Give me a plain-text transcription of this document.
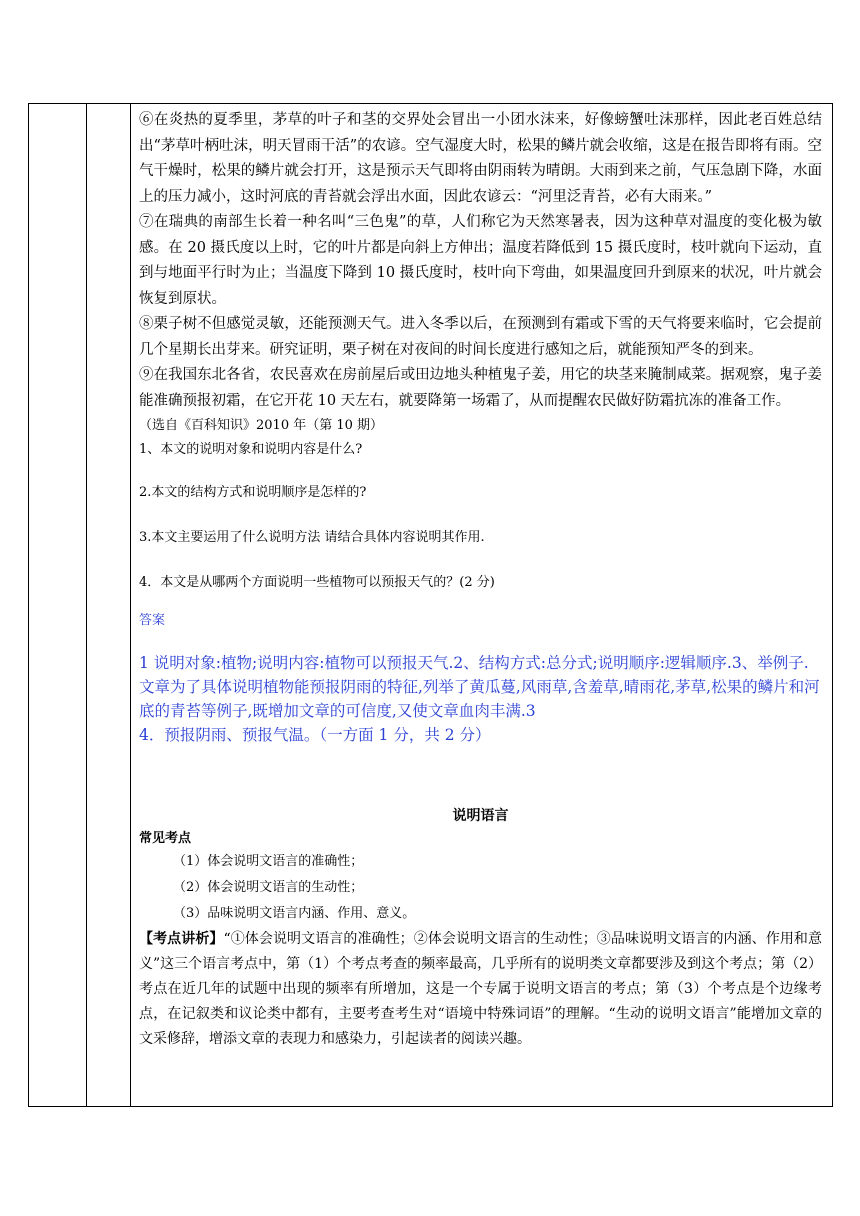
⑥在炎热的夏季里，茅草的叶子和茎的交界处会冒出一小团水沫来，好像螃蟹吐沫那样，因此老百姓总结出“茅草叶柄吐沫，明天冒雨干活”的农谚。空气湿度大时，松果的鳞片就会收缩，这是在报告即将有雨。空气干燥时，松果的鳞片就会打开，这是预示天气即将由阴雨转为晴朗。大雨到来之前，气压急剧下降，水面上的压力减小，这时河底的青苔就会浮出水面，因此农谚云：“河里泛青苔，必有大雨来。”

⑦在瑞典的南部生长着一种名叫“三色鬼”的草，人们称它为天然寒暑表，因为这种草对温度的变化极为敏感。在 20 摄氏度以上时，它的叶片都是向斜上方伸出；温度若降低到 15 摄氏度时，枝叶就向下运动，直到与地面平行时为止；当温度下降到 10 摄氏度时，枝叶向下弯曲，如果温度回升到原来的状况，叶片就会恢复到原状。

⑧栗子树不但感觉灵敏，还能预测天气。进入冬季以后，在预测到有霜或下雪的天气将要来临时，它会提前几个星期长出芽来。研究证明，栗子树在对夜间的时间长度进行感知之后，就能预知严冬的到来。

⑨在我国东北各省，农民喜欢在房前屋后或田边地头种植鬼子姜，用它的块茎来腌制咸菜。据观察，鬼子姜能准确预报初霜，在它开花 10 天左右，就要降第一场霜了，从而提醒农民做好防霜抗冻的准备工作。

（选自《百科知识》2010 年（第 10 期）

1、本文的说明对象和说明内容是什么?

2.本文的结构方式和说明顺序是怎样的?

3.本文主要运用了什么说明方法 请结合具体内容说明其作用.

4．本文是从哪两个方面说明一些植物可以预报天气的？(2 分)

答案

1 说明对象:植物;说明内容:植物可以预报天气.2、结构方式:总分式;说明顺序:逻辑顺序.3、举例子.文章为了具体说明植物能预报阴雨的特征,列举了黄瓜蔓,风雨草,含羞草,晴雨花,茅草,松果的鳞片和河底的青苔等例子,既增加文章的可信度,又使文章血肉丰满.3

4．预报阴雨、预报气温。（一方面 1 分，共 2 分）

说明语言

常见考点

（1）体会说明文语言的准确性；

（2）体会说明文语言的生动性；

（3）品味说明文语言内涵、作用、意义。

【考点讲析】“①体会说明文语言的准确性；②体会说明文语言的生动性；③品味说明文语言的内涵、作用和意义”这三个语言考点中，第（1）个考点考查的频率最高，几乎所有的说明类文章都要涉及到这个考点；第（2）考点在近几年的试题中出现的频率有所增加，这是一个专属于说明文语言的考点；第（3）个考点是个边缘考点，在记叙类和议论类中都有，主要考查考生对“语境中特殊词语”的理解。“生动的说明文语言”能增加文章的文采修辞，增添文章的表现力和感染力，引起读者的阅读兴趣。
